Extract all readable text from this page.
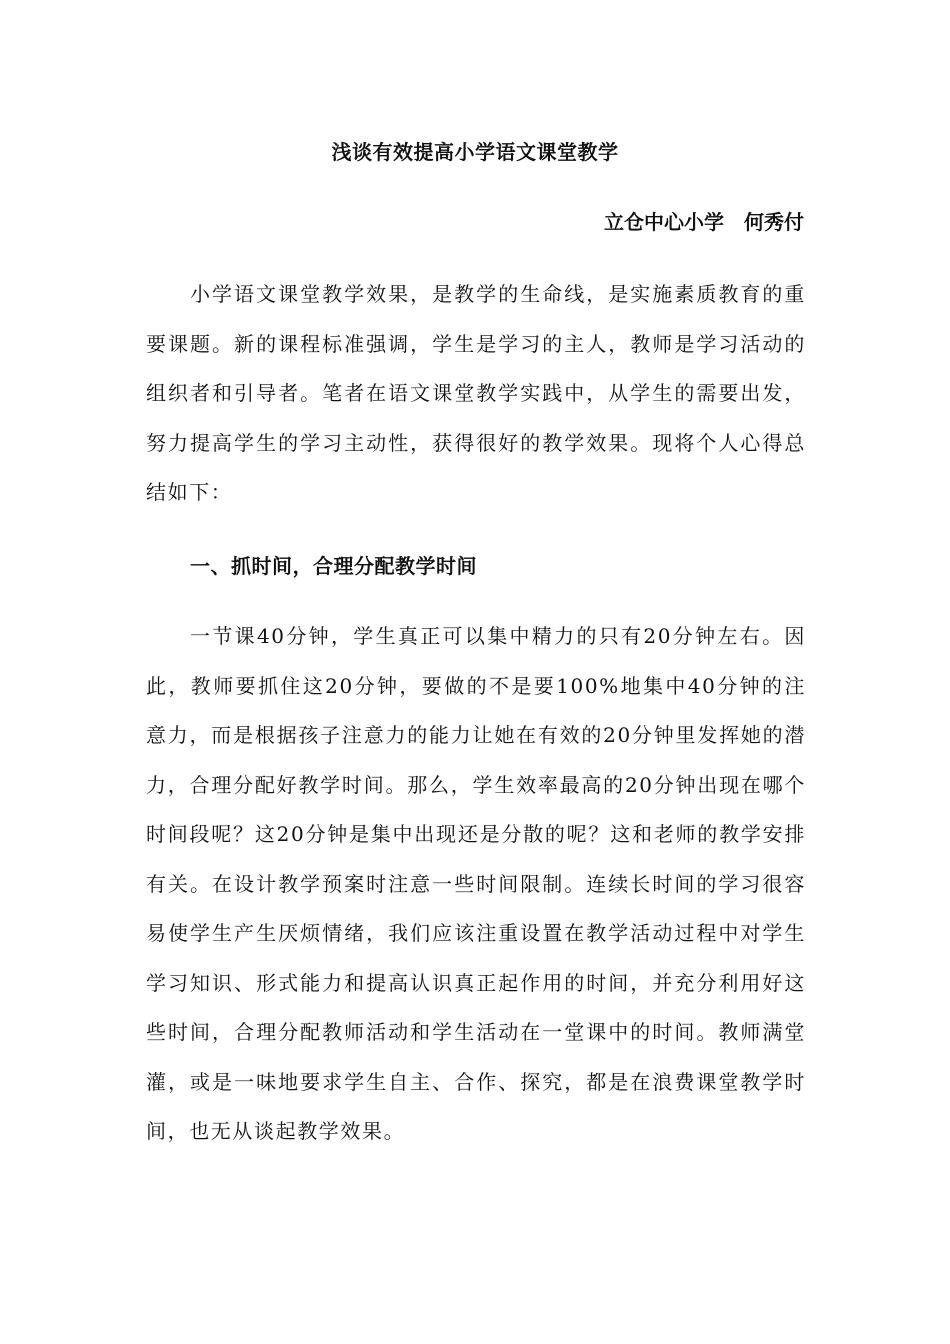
浅谈有效提高小学语文课堂教学
立仓中心小学　何秀付

小学语文课堂教学效果，是教学的生命线，是实施素质教育的重要课题。新的课程标准强调，学生是学习的主人，教师是学习活动的组织者和引导者。笔者在语文课堂教学实践中，从学生的需要出发，努力提高学生的学习主动性，获得很好的教学效果。现将个人心得总结如下：

一、抓时间，合理分配教学时间

一节课40分钟，学生真正可以集中精力的只有20分钟左右。因此，教师要抓住这20分钟，要做的不是要100%地集中40分钟的注意力，而是根据孩子注意力的能力让她在有效的20分钟里发挥她的潜力，合理分配好教学时间。那么，学生效率最高的20分钟出现在哪个时间段呢？这20分钟是集中出现还是分散的呢？这和老师的教学安排有关。在设计教学预案时注意一些时间限制。连续长时间的学习很容易使学生产生厌烦情绪，我们应该注重设置在教学活动过程中对学生学习知识、形式能力和提高认识真正起作用的时间，并充分利用好这些时间，合理分配教师活动和学生活动在一堂课中的时间。教师满堂灌，或是一味地要求学生自主、合作、探究，都是在浪费课堂教学时间，也无从谈起教学效果。
